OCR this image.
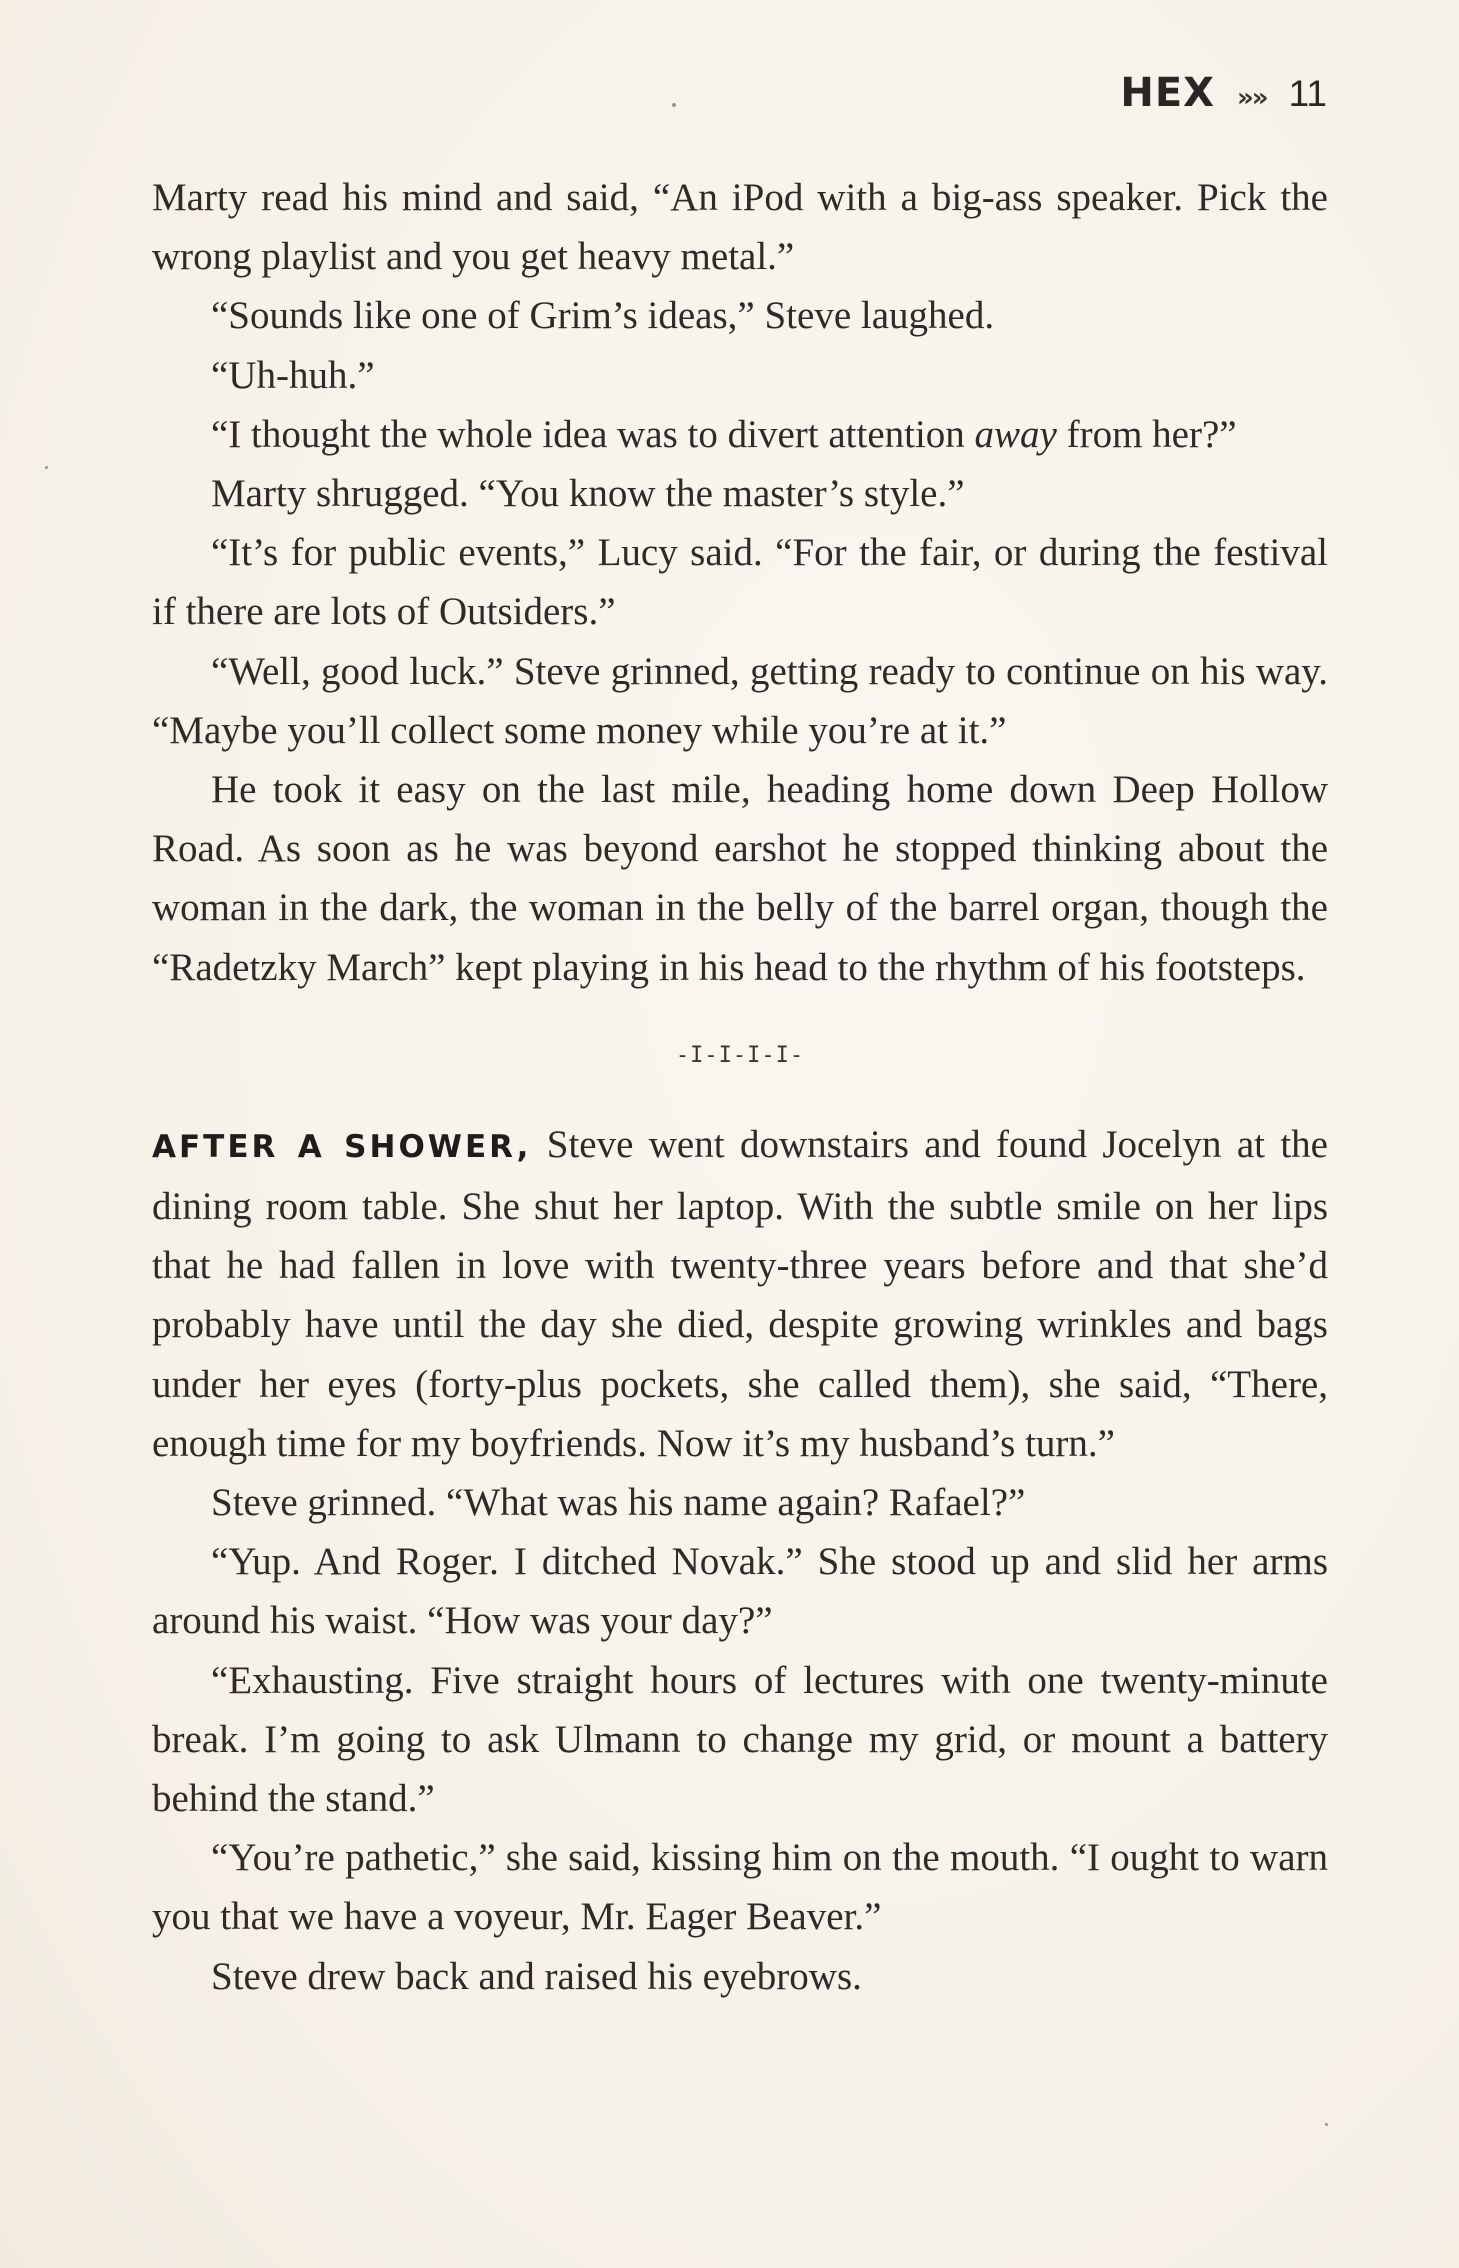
HEX »» 11

Marty read his mind and said, “An iPod with a big-ass speaker. Pick the wrong playlist and you get heavy metal.”

“Sounds like one of Grim’s ideas,” Steve laughed.

“Uh-huh.”

“I thought the whole idea was to divert attention away from her?”

Marty shrugged. “You know the master’s style.”

“It’s for public events,” Lucy said. “For the fair, or during the festival if there are lots of Outsiders.”

“Well, good luck.” Steve grinned, getting ready to continue on his way. “Maybe you’ll collect some money while you’re at it.”

He took it easy on the last mile, heading home down Deep Hollow Road. As soon as he was beyond earshot he stopped thinking about the woman in the dark, the woman in the belly of the barrel organ, though the “Radetzky March” kept playing in his head to the rhythm of his footsteps.

-I-I-I-I-

AFTER A SHOWER, Steve went downstairs and found Jocelyn at the dining room table. She shut her laptop. With the subtle smile on her lips that he had fallen in love with twenty-three years before and that she’d probably have until the day she died, despite growing wrinkles and bags under her eyes (forty-plus pockets, she called them), she said, “There, enough time for my boyfriends. Now it’s my husband’s turn.”

Steve grinned. “What was his name again? Rafael?”

“Yup. And Roger. I ditched Novak.” She stood up and slid her arms around his waist. “How was your day?”

“Exhausting. Five straight hours of lectures with one twenty-minute break. I’m going to ask Ulmann to change my grid, or mount a battery behind the stand.”

“You’re pathetic,” she said, kissing him on the mouth. “I ought to warn you that we have a voyeur, Mr. Eager Beaver.”

Steve drew back and raised his eyebrows.
